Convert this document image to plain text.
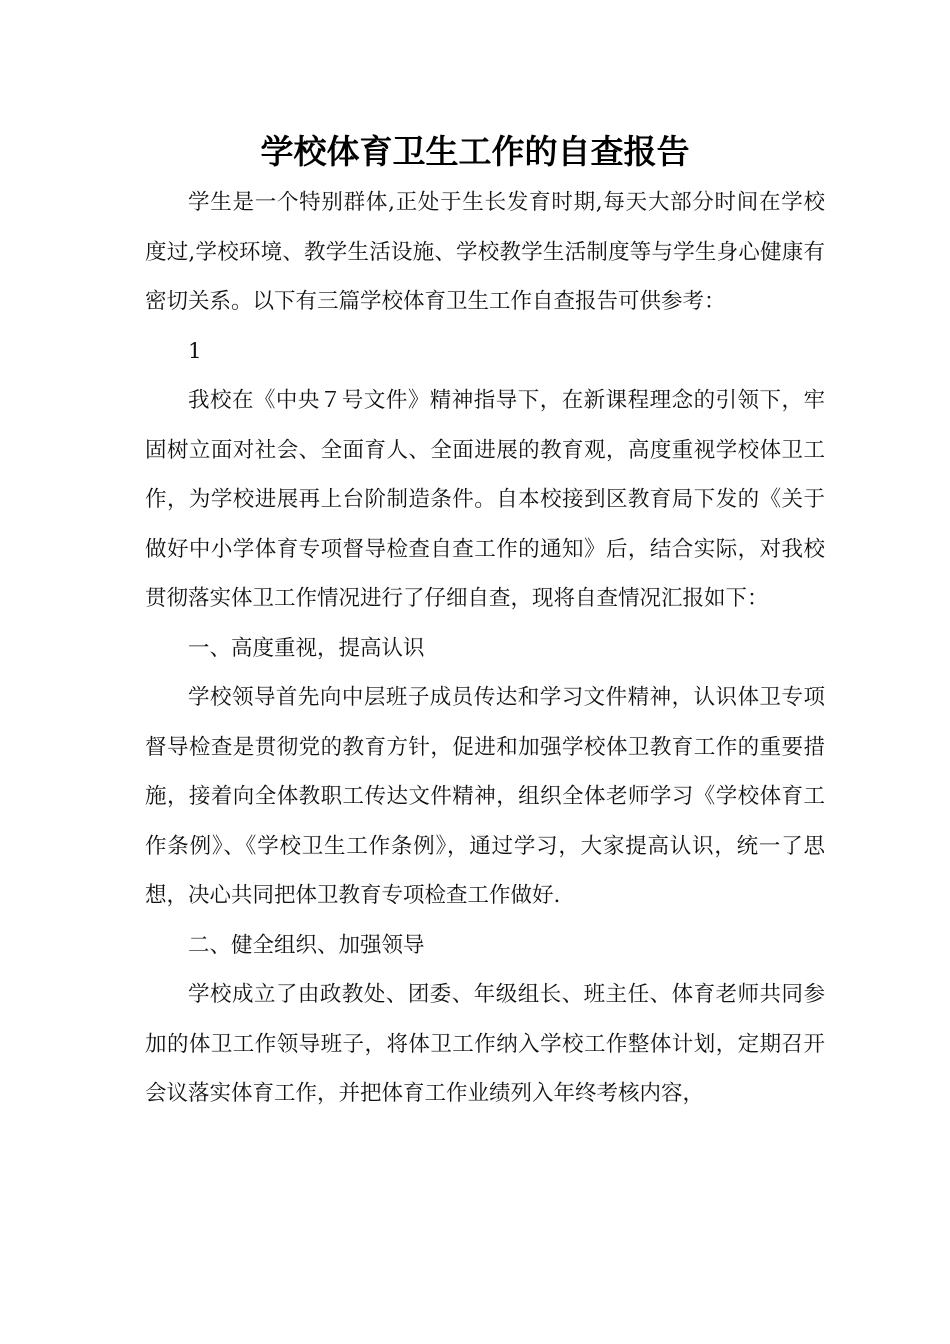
学校体育卫生工作的自查报告

学生是一个特别群体,正处于生长发育时期,每天大部分时间在学校度过,学校环境、教学生活设施、学校教学生活制度等与学生身心健康有密切关系。以下有三篇学校体育卫生工作自查报告可供参考：

1

我校在《中央７号文件》精神指导下，在新课程理念的引领下，牢固树立面对社会、全面育人、全面进展的教育观，高度重视学校体卫工作，为学校进展再上台阶制造条件。自本校接到区教育局下发的《关于做好中小学体育专项督导检查自查工作的通知》后，结合实际，对我校贯彻落实体卫工作情况进行了仔细自查，现将自查情况汇报如下：

一、高度重视，提高认识

学校领导首先向中层班子成员传达和学习文件精神，认识体卫专项督导检查是贯彻党的教育方针，促进和加强学校体卫教育工作的重要措施，接着向全体教职工传达文件精神，组织全体老师学习《学校体育工作条例》、《学校卫生工作条例》，通过学习，大家提高认识，统一了思想，决心共同把体卫教育专项检查工作做好.

二、健全组织、加强领导

学校成立了由政教处、团委、年级组长、班主任、体育老师共同参加的体卫工作领导班子，将体卫工作纳入学校工作整体计划，定期召开会议落实体育工作，并把体育工作业绩列入年终考核内容，
